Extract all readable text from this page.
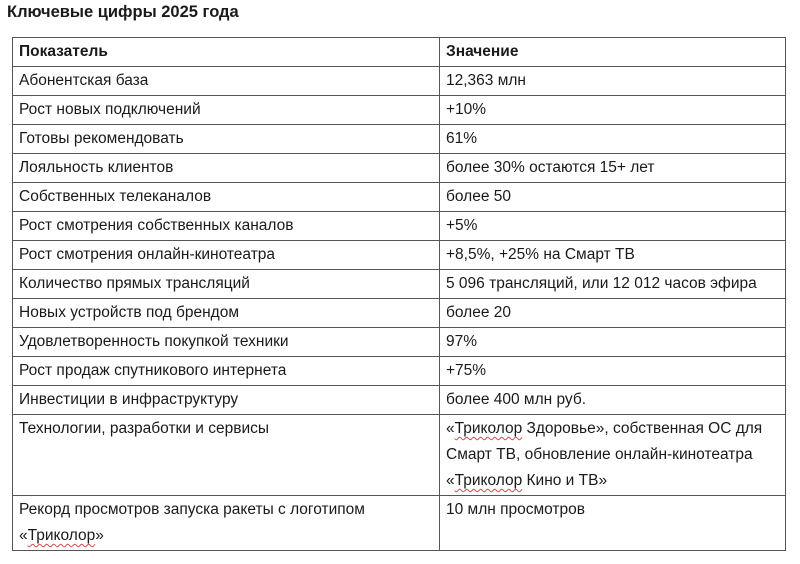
Ключевые цифры 2025 года
Показатель	Значение
Абонентская база	12,363 млн
Рост новых подключений	+10%
Готовы рекомендовать	61%
Лояльность клиентов	более 30% остаются 15+ лет
Собственных телеканалов	более 50
Рост смотрения собственных каналов	+5%
Рост смотрения онлайн-кинотеатра	+8,5%, +25% на Смарт ТВ
Количество прямых трансляций	5 096 трансляций, или 12 012 часов эфира
Новых устройств под брендом	более 20
Удовлетворенность покупкой техники	97%
Рост продаж спутникового интернета	+75%
Инвестиции в инфраструктуру	более 400 млн руб.
Технологии, разработки и сервисы	«Триколор Здоровье», собственная ОС для Смарт ТВ, обновление онлайн-кинотеатра «Триколор Кино и ТВ»
Рекорд просмотров запуска ракеты с логотипом «Триколор»	10 млн просмотров
